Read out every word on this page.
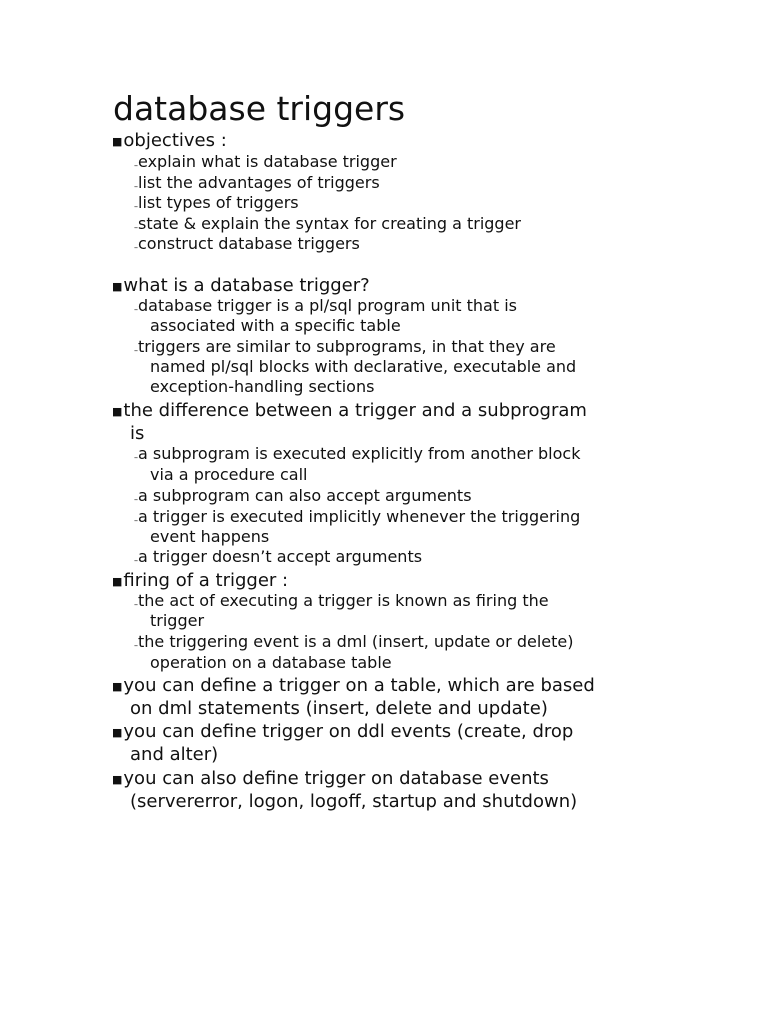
database triggers
■objectives :
–explain what is database trigger
–list the advantages of triggers
–list types of triggers
–state & explain the syntax for creating a trigger
–construct database triggers
■what is a database trigger?
–database trigger is a pl/sql program unit that is
associated with a specific table
–triggers are similar to subprograms, in that they are
named pl/sql blocks with declarative, executable and
exception-handling sections
■the difference between a trigger and a subprogram
is
–a subprogram is executed explicitly from another block
via a procedure call
–a subprogram can also accept arguments
–a trigger is executed implicitly whenever the triggering
event happens
–a trigger doesn’t accept arguments
■firing of a trigger :
–the act of executing a trigger is known as firing the
trigger
–the triggering event is a dml (insert, update or delete)
operation on a database table
■you can define a trigger on a table, which are based
on dml statements (insert, delete and update)
■you can define trigger on ddl events (create, drop
and alter)
■you can also define trigger on database events
(servererror, logon, logoff, startup and shutdown)
